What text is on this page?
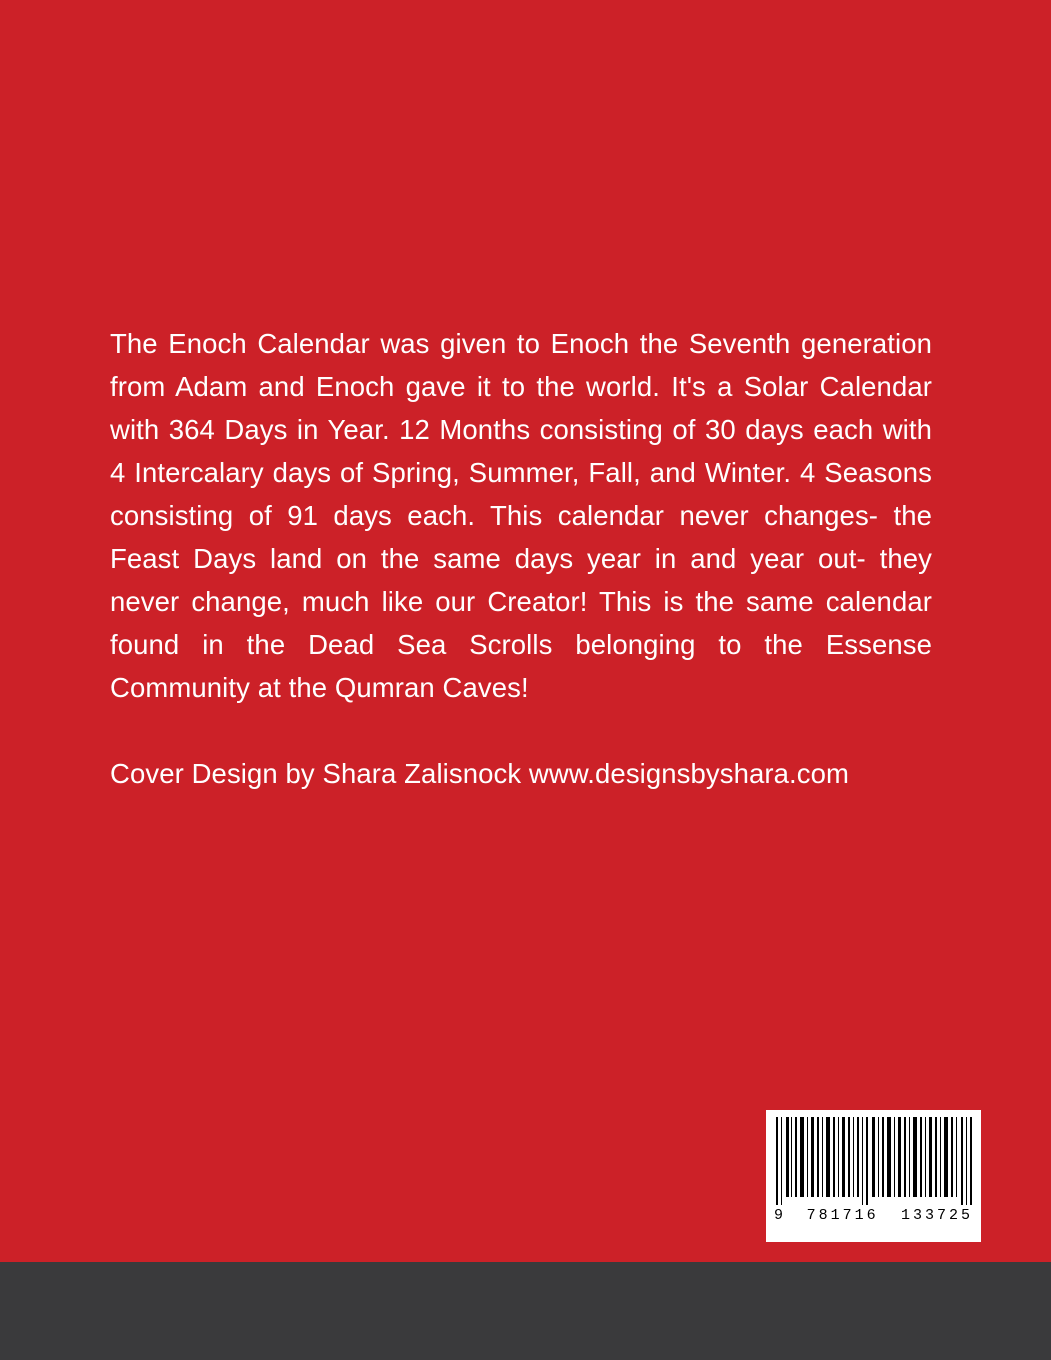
The Enoch Calendar was given to Enoch the Seventh generation from Adam and Enoch gave it to the world. It's a Solar Calendar with 364 Days in Year. 12 Months consisting of 30 days each with 4 Intercalary days of Spring, Summer, Fall, and Winter. 4 Seasons consisting of 91 days each. This calendar never changes- the Feast Days land on the same days year in and year out- they never change, much like our Creator! This is the same calendar found in the Dead Sea Scrolls belonging to the Essense Community at the Qumran Caves!

Cover Design by Shara Zalisnock www.designsbyshara.com

9 781716 133725
